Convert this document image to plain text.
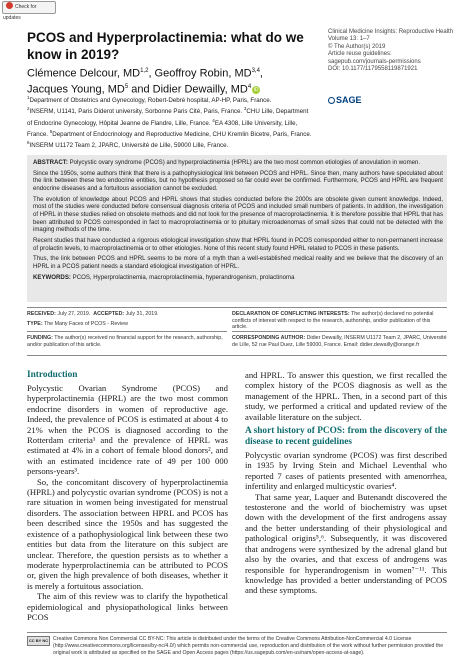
Check for updates
PCOS and Hyperprolactinemia: what do we know in 2019?
Clémence Delcour, MD$^{1,2}$, Geoffroy Robin, MD$^{3,4}$,
Jacques Young, $MD^5$ and Didier Dewailly, $MD^4$ iD
$^1$Department of Obstetrics and Gynecology, Robert-Debré hospital, AP-HP, Paris, France.
$^2$INSERM, U1141, Paris Diderot university, Sorbonne Paris Cité, Paris, France. $^3$CHU Lille, Department of Endocrine Gynecology, Hôpital Jeanne de Flandre, Lille, France. $^4$EA 4308, Lille University, Lille, France. $^5$Department of Endocrinology and Reproductive Medicine, CHU Kremlin Bicetre, Paris, France. $^6$INSERM U1172 Team 2, JPARC, Université de Lille, 59000 Lille, France.
Clinical Medicine Insights: Reproductive Health
Volume 13: 1–7
© The Author(s) 2019
Article reuse guidelines:
sagepub.com/journals-permissions
DOI: 10.1177/1179558119871921
SAGE

ABSTRACT: Polycystic ovary syndrome (PCOS) and hyperprolactinemia (HPRL) are the two most common etiologies of anovulation in women.

Since the 1950s, some authors think that there is a pathophysiological link between PCOS and HPRL. Since then, many authors have speculated about the link between these two endocrine entities, but no hypothesis proposed so far could ever be confirmed. Furthermore, PCOS and HPRL are frequent endocrine diseases and a fortuitous association cannot be excluded.

The evolution of knowledge about PCOS and HPRL shows that studies conducted before the 2000s are obsolete given current knowledge. Indeed, most of the studies were conducted before consensual diagnosis criteria of PCOS and included small numbers of patients. In addition, the investigation of HPRL in these studies relied on obsolete methods and did not look for the presence of macroprolactinemia. It is therefore possible that HPRL that has been attributed to PCOS corresponded in fact to macroprolactinemia or to pituitary microadenomas of small sizes that could not be detected with the imaging methods of the time.

Recent studies that have conducted a rigorous etiological investigation show that HPRL found in PCOS corresponded either to non-permanent increase of prolactin levels, to macroprolactinemia or to other etiologies. None of this recent study found HPRL related to PCOS in these patients.

Thus, the link between PCOS and HPRL seems to be more of a myth than a well-established medical reality and we believe that the discovery of an HPRL in a PCOS patient needs a standard etiological investigation of HPRL.

KEYWORDS: PCOS, Hyperprolactinemia, macroprolactinemia, hyperandrogenism, prolactinoma

RECEIVED: July 27, 2019. ACCEPTED: July 31, 2019.
TYPE: The Many Faces of PCOS - Review
DECLARATION OF CONFLICTING INTERESTS: The author(s) declared no potential conflicts of interest with respect to the research, authorship, and/or publication of this article.
FUNDING: The author(s) received no financial support for the research, authorship, and/or publication of this article.
CORRESPONDING AUTHOR: Didier Dewailly, INSERM U1172 Team 2, JPARC, Université de Lille, 52 rue Paul Duez, Lille 59000, France. Email: didier.dewailly@orange.fr
Introduction

Polycystic Ovarian Syndrome (PCOS) and hyperprolactinemia (HPRL) are the two most common endocrine disorders in women of reproductive age. Indeed, the prevalence of PCOS is estimated at about 4 to 21% when the PCOS is diagnosed according to the Rotterdam criteria¹ and the prevalence of HPRL was estimated at 4% in a cohort of female blood donors², and with an estimated incidence rate of 49 per 100 000 persons-years³.

So, the concomitant discovery of hyperprolactinemia (HPRL) and polycystic ovarian syndrome (PCOS) is not a rare situation in women being investigated for menstrual disorders. The association between HPRL and PCOS has been described since the 1950s and has suggested the existence of a pathophysiological link between these two entities but data from the literature on this subject are unclear. Therefore, the question persists as to whether a moderate hyperprolactinemia can be attributed to PCOS or, given the high prevalence of both diseases, whether it is merely a fortuitous association.

The aim of this review was to clarify the hypothetical epidemiological and physiopathological links between PCOS

and HPRL. To answer this question, we first recalled the complex history of the PCOS diagnosis as well as the management of the HPRL. Then, in a second part of this study, we performed a critical and updated review of the available literature on the subject.

A short history of PCOS: from the discovery of the disease to recent guidelines

Polycystic ovarian syndrome (PCOS) was first described in 1935 by Irving Stein and Michael Leventhal who reported 7 cases of patients presented with amenorrhea, infertility and enlarged multicystic ovaries⁴.

That same year, Laquer and Butenandt discovered the testosterone and the world of biochemistry was upset down with the development of the first androgens assay and the better understanding of their physiological and pathological origins⁵,⁶. Subsequently, it was discovered that androgens were synthesized by the adrenal gland but also by the ovaries, and that excess of androgens was responsible for hyperandrogenism in women⁷⁻¹¹. This knowledge has provided a better understanding of PCOS and these symptoms.

CC BY NC Creative Commons Non Commercial CC BY-NC: This article is distributed under the terms of the Creative Commons Attribution-NonCommercial 4.0 License (http://www.creativecommons.org/licenses/by-nc/4.0/) which permits non-commercial use, reproduction and distribution of the work without further permission provided the original work is attributed as specified on the SAGE and Open Access pages (https://us.sagepub.com/en-us/nam/open-access-at-sage).
